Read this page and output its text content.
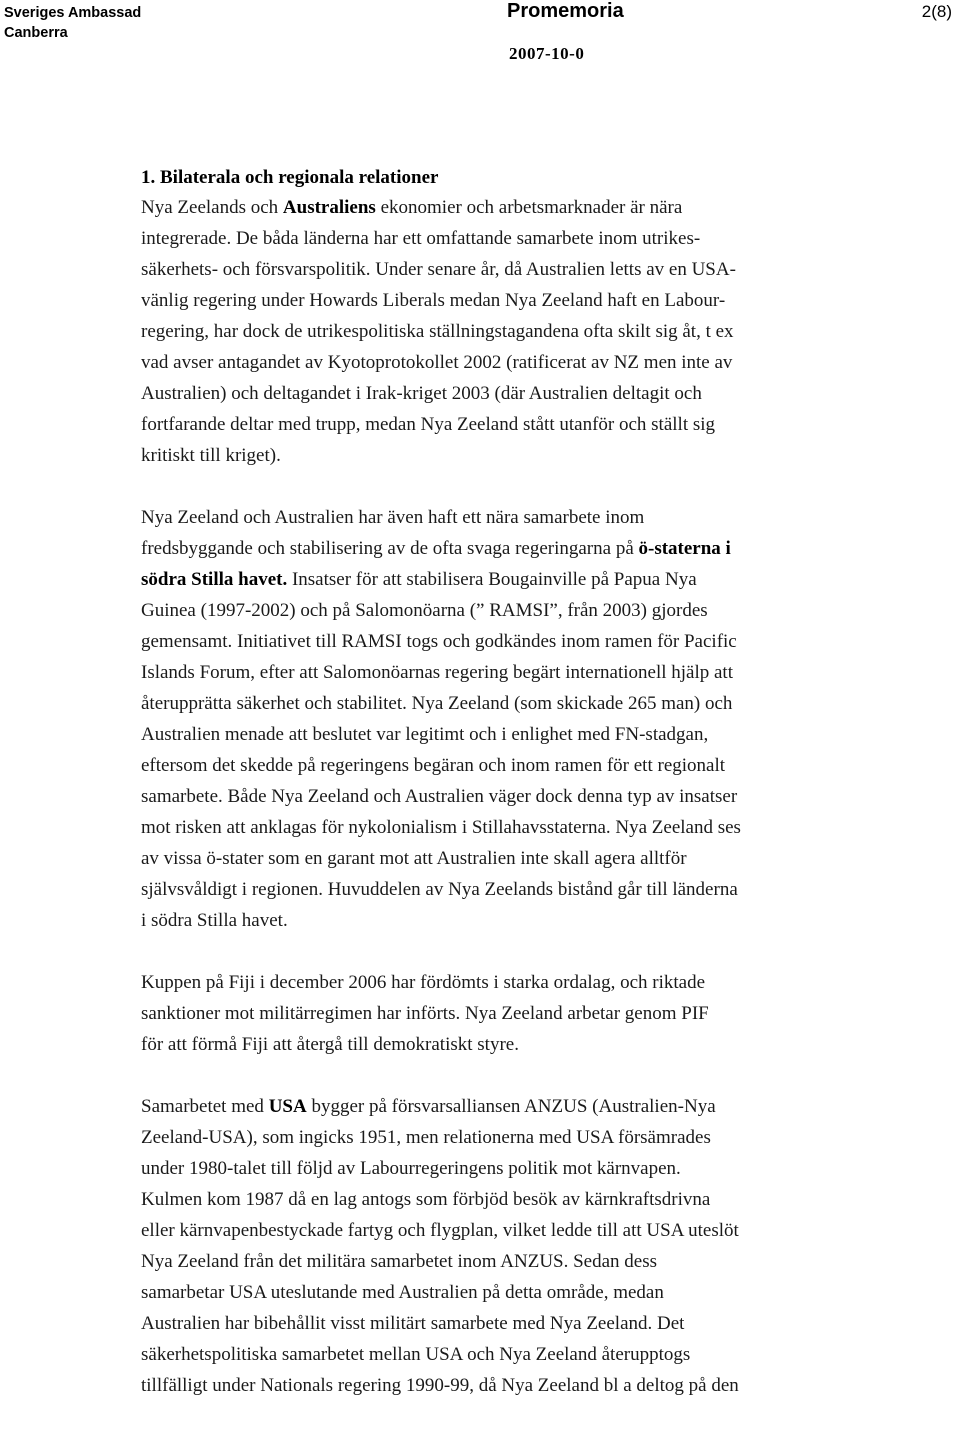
Sveriges Ambassad
Canberra
Promemoria
2007-10-0
2(8)
1. Bilaterala och regionala relationer

Nya Zeelands och Australiens ekonomier och arbetsmarknader är nära
integrerade. De båda länderna har ett omfattande samarbete inom utrikes-
säkerhets- och försvarspolitik. Under senare år, då Australien letts av en USA-
vänlig regering under Howards Liberals medan Nya Zeeland haft en Labour-
regering, har dock de utrikespolitiska ställningstagandena ofta skilt sig åt, t ex
vad avser antagandet av Kyotoprotokollet 2002 (ratificerat av NZ men inte av
Australien) och deltagandet i Irak-kriget 2003 (där Australien deltagit och
fortfarande deltar med trupp, medan Nya Zeeland stått utanför och ställt sig
kritiskt till kriget).

Nya Zeeland och Australien har även haft ett nära samarbete inom
fredsbyggande och stabilisering av de ofta svaga regeringarna på ö-staterna i
södra Stilla havet. Insatser för att stabilisera Bougainville på Papua Nya
Guinea (1997-2002) och på Salomonöarna (” RAMSI”, från 2003) gjordes
gemensamt. Initiativet till RAMSI togs och godkändes inom ramen för Pacific
Islands Forum, efter att Salomonöarnas regering begärt internationell hjälp att
återupprätta säkerhet och stabilitet. Nya Zeeland (som skickade 265 man) och
Australien menade att beslutet var legitimt och i enlighet med FN-stadgan,
eftersom det skedde på regeringens begäran och inom ramen för ett regionalt
samarbete. Både Nya Zeeland och Australien väger dock denna typ av insatser
mot risken att anklagas för nykolonialism i Stillahavsstaterna. Nya Zeeland ses
av vissa ö-stater som en garant mot att Australien inte skall agera alltför
självsvåldigt i regionen. Huvuddelen av Nya Zeelands bistånd går till länderna
i södra Stilla havet.

Kuppen på Fiji i december 2006 har fördömts i starka ordalag, och riktade
sanktioner mot militärregimen har införts. Nya Zeeland arbetar genom PIF
för att förmå Fiji att återgå till demokratiskt styre.

Samarbetet med USA bygger på försvarsalliansen ANZUS (Australien-Nya
Zeeland-USA), som ingicks 1951, men relationerna med USA försämrades
under 1980-talet till följd av Labourregeringens politik mot kärnvapen.
Kulmen kom 1987 då en lag antogs som förbjöd besök av kärnkraftsdrivna
eller kärnvapenbestyckade fartyg och flygplan, vilket ledde till att USA uteslöt
Nya Zeeland från det militära samarbetet inom ANZUS. Sedan dess
samarbetar USA uteslutande med Australien på detta område, medan
Australien har bibehållit visst militärt samarbete med Nya Zeeland. Det
säkerhetspolitiska samarbetet mellan USA och Nya Zeeland återupptogs
tillfälligt under Nationals regering 1990-99, då Nya Zeeland bl a deltog på den
